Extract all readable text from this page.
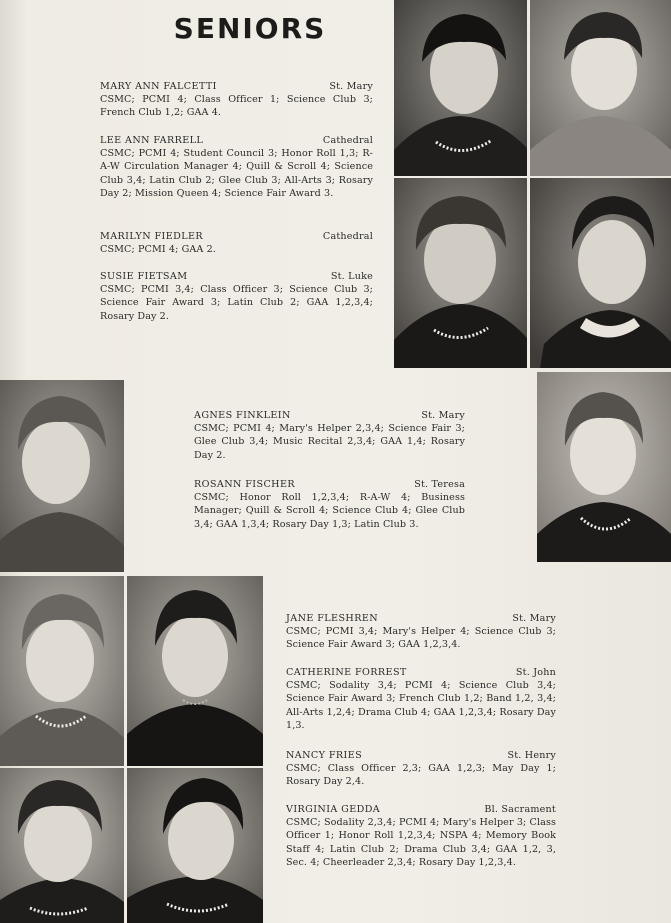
SENIORS
MARY ANN FALCETTI	St. Mary
CSMC; PCMI 4; Class Officer 1; Science Club 3; French Club 1,2; GAA 4.
LEE ANN FARRELL	Cathedral
CSMC; PCMI 4; Student Council 3; Honor Roll 1,3; R-A-W Circulation Manager 4; Quill & Scroll 4; Science Club 3,4; Latin Club 2; Glee Club 3; All-Arts 3; Rosary Day 2; Mission Queen 4; Science Fair Award 3.
MARILYN FIEDLER	Cathedral
CSMC; PCMI 4; GAA 2.
SUSIE FIETSAM	St. Luke
CSMC; PCMI 3,4; Class Officer 3; Science Club 3; Science Fair Award 3; Latin Club 2; GAA 1,2,3,4; Rosary Day 2.
AGNES FINKLEIN	St. Mary
CSMC; PCMI 4; Mary's Helper 2,3,4; Science Fair 3; Glee Club 3,4; Music Recital 2,3,4; GAA 1,4; Rosary Day 2.
ROSANN FISCHER	St. Teresa
CSMC; Honor Roll 1,2,3,4; R-A-W 4; Business Manager; Quill & Scroll 4; Science Club 4; Glee Club 3,4; GAA 1,3,4; Rosary Day 1,3; Latin Club 3.
JANE FLESHREN	St. Mary
CSMC; PCMI 3,4; Mary's Helper 4; Science Club 3; Science Fair Award 3; GAA 1,2,3,4.
CATHERINE FORREST	St. John
CSMC; Sodality 3,4; PCMI 4; Science Club 3,4; Science Fair Award 3; French Club 1,2; Band 1,2, 3,4; All-Arts 1,2,4; Drama Club 4; GAA 1,2,3,4; Rosary Day 1,3.
NANCY FRIES	St. Henry
CSMC; Class Officer 2,3; GAA 1,2,3; May Day 1; Rosary Day 2,4.
VIRGINIA GEDDA	Bl. Sacrament
CSMC; Sodality 2,3,4; PCMI 4; Mary's Helper 3; Class Officer 1; Honor Roll 1,2,3,4; NSPA 4; Memory Book Staff 4; Latin Club 2; Drama Club 3,4; GAA 1,2, 3, Sec. 4; Cheerleader 2,3,4; Rosary Day 1,2,3,4.
